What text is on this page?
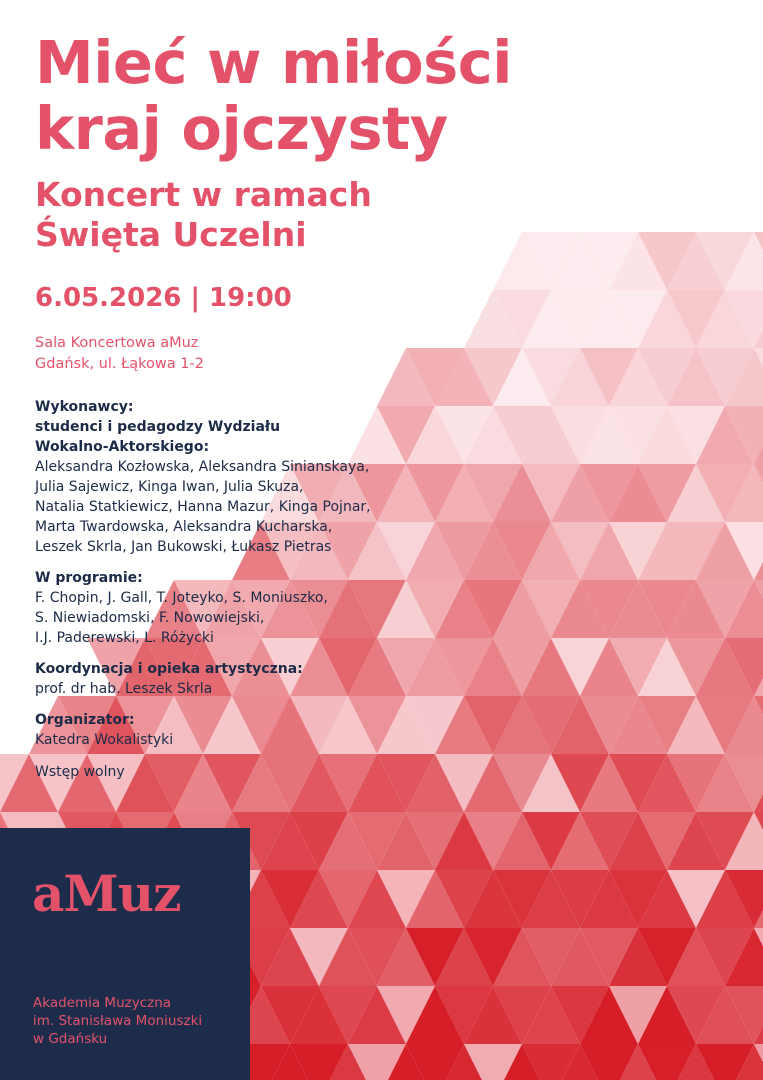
Mieć w miłości
kraj ojczysty
Koncert w ramach
Święta Uczelni
6.05.2026 | 19:00
Sala Koncertowa aMuz
Gdańsk, ul. Łąkowa 1-2
Wykonawcy:
studenci i pedagodzy Wydziału
Wokalno-Aktorskiego:
Aleksandra Kozłowska, Aleksandra Sinianskaya,
Julia Sajewicz, Kinga Iwan, Julia Skuza,
Natalia Statkiewicz, Hanna Mazur, Kinga Pojnar,
Marta Twardowska, Aleksandra Kucharska,
Leszek Skrla, Jan Bukowski, Łukasz Pietras
W programie:
F. Chopin, J. Gall, T. Joteyko, S. Moniuszko,
S. Niewiadomski, F. Nowowiejski,
I.J. Paderewski, L. Różycki
Koordynacja i opieka artystyczna:
prof. dr hab. Leszek Skrla
Organizator:
Katedra Wokalistyki
Wstęp wolny
aMuz
Akademia Muzyczna
im. Stanisława Moniuszki
w Gdańsku
